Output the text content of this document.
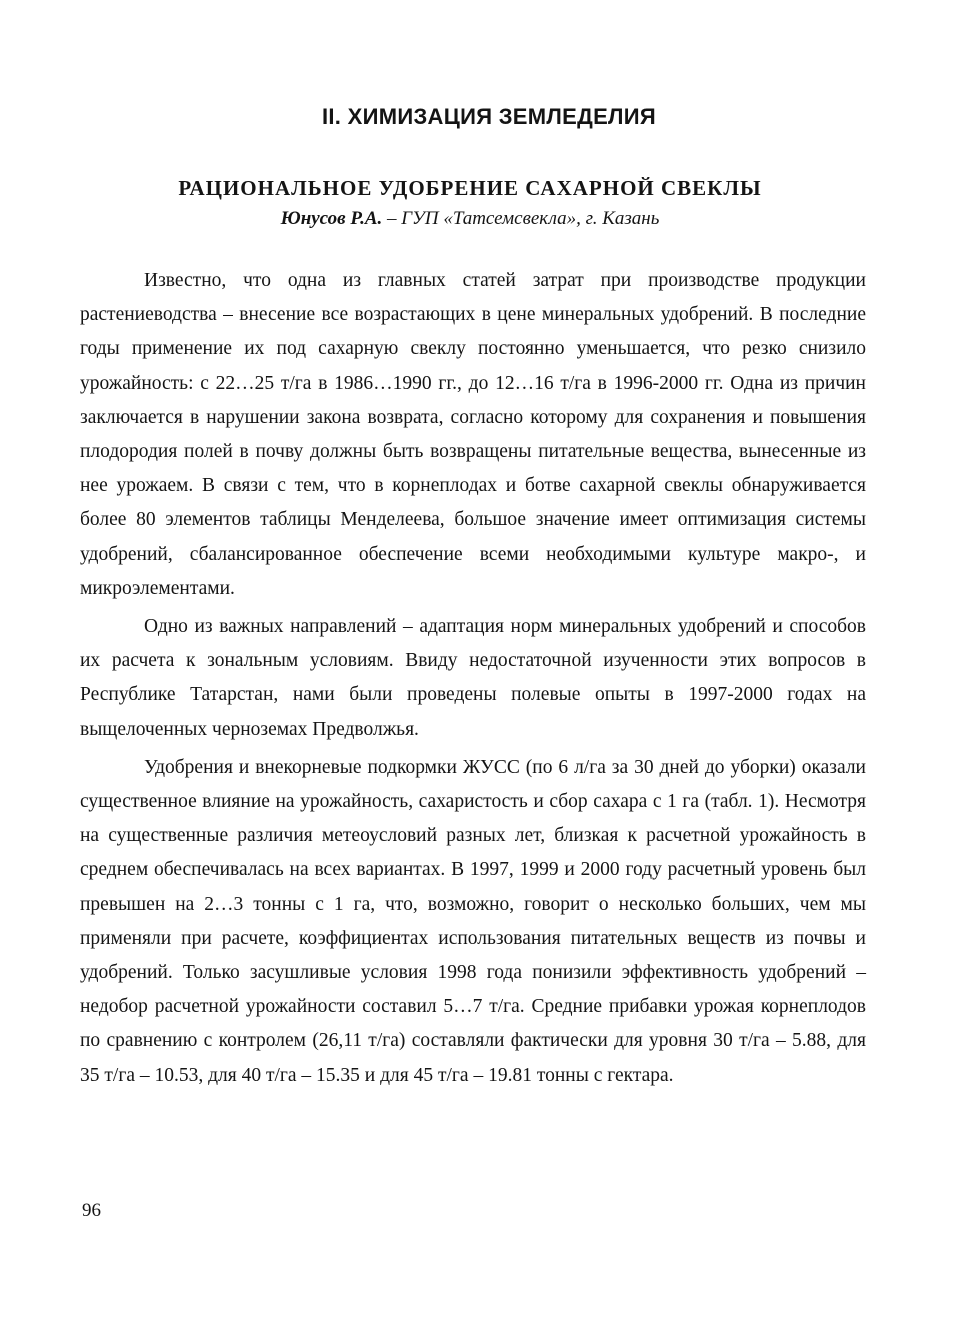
II. ХИМИЗАЦИЯ ЗЕМЛЕДЕЛИЯ
РАЦИОНАЛЬНОЕ УДОБРЕНИЕ САХАРНОЙ СВЕКЛЫ

Юнусов Р.А. – ГУП «Татсемсвекла», г. Казань

Известно, что одна из главных статей затрат при производстве продукции растениеводства – внесение все возрастающих в цене минеральных удобрений. В последние годы применение их под сахарную свеклу постоянно уменьшается, что резко снизило урожайность: с 22…25 т/га в 1986…1990 гг., до 12…16 т/га в 1996-2000 гг. Одна из причин заключается в нарушении закона возврата, согласно которому для сохранения и повышения плодородия полей в почву должны быть возвращены питательные вещества, вынесенные из нее урожаем. В связи с тем, что в корнеплодах и ботве сахарной свеклы обнаруживается более 80 элементов таблицы Менделеева, большое значение имеет оптимизация системы удобрений, сбалансированное обеспечение всеми необходимыми культуре макро-, и микроэлементами.

Одно из важных направлений – адаптация норм минеральных удобрений и способов их расчета к зональным условиям. Ввиду недостаточной изученности этих вопросов в Республике Татарстан, нами были проведены полевые опыты в 1997-2000 годах на выщелоченных черноземах Предволжья.

Удобрения и внекорневые подкормки ЖУСС (по 6 л/га за 30 дней до уборки) оказали существенное влияние на урожайность, сахаристость и сбор сахара с 1 га (табл. 1). Несмотря на существенные различия метеоусловий разных лет, близкая к расчетной урожайность в среднем обеспечивалась на всех вариантах. В 1997, 1999 и 2000 году расчетный уровень был превышен на 2…3 тонны с 1 га, что, возможно, говорит о несколько больших, чем мы применяли при расчете, коэффициентах использования питательных веществ из почвы и удобрений. Только засушливые условия 1998 года понизили эффективность удобрений – недобор расчетной урожайности составил 5…7 т/га. Средние прибавки урожая корнеплодов по сравнению с контролем (26,11 т/га) составляли фактически для уровня 30 т/га – 5.88, для 35 т/га – 10.53, для 40 т/га – 15.35 и для 45 т/га – 19.81 тонны с гектара.

96
